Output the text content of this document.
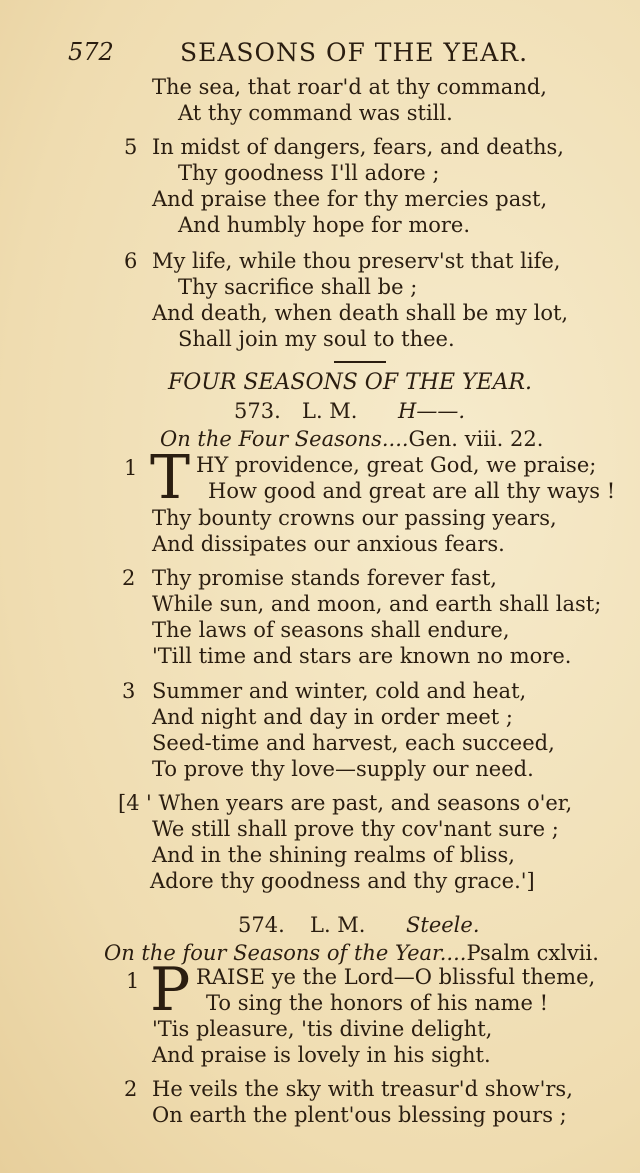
572	SEASONS OF THE YEAR.
The sea, that roar'd at thy command,
At thy command was still.
5 In midst of dangers, fears, and deaths,
Thy goodness I'll adore ;
And praise thee for thy mercies past,
And humbly hope for more.
6 My life, while thou preserv'st that life,
Thy sacrifice shall be ;
And death, when death shall be my lot,
Shall join my soul to thee.
FOUR SEASONS OF THE YEAR.
573. L. M. H——.
On the Four Seasons....Gen. viii. 22.
1 T HY providence, great God, we praise;
How good and great are all thy ways !
Thy bounty crowns our passing years,
And dissipates our anxious fears.
2 Thy promise stands forever fast,
While sun, and moon, and earth shall last;
The laws of seasons shall endure,
'Till time and stars are known no more.
3 Summer and winter, cold and heat,
And night and day in order meet ;
Seed-time and harvest, each succeed,
To prove thy love—supply our need.
[4 ' When years are past, and seasons o'er,
We still shall prove thy cov'nant sure ;
And in the shining realms of bliss,
Adore thy goodness and thy grace.']
574. L. M. Steele.
On the four Seasons of the Year....Psalm cxlvii.
1 P RAISE ye the Lord—O blissful theme,
To sing the honors of his name !
'Tis pleasure, 'tis divine delight,
And praise is lovely in his sight.
2 He veils the sky with treasur'd show'rs,
On earth the plent'ous blessing pours ;
